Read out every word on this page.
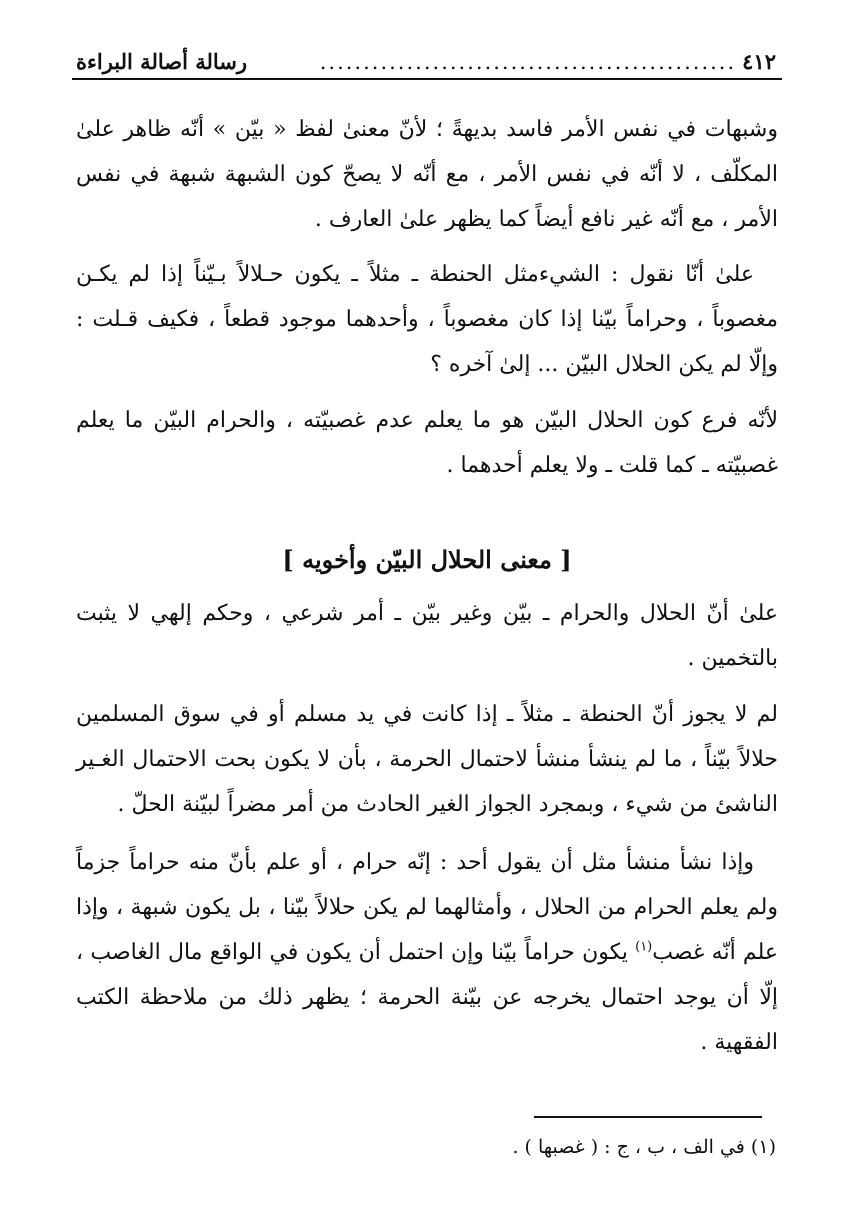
٤١٢
................................................
رسالة أصالة البراءة

وشبهات في نفس الأمر فاسد بديهةً ؛ لأنّ معنىٰ لفظ « بيّن » أنّه ظاهر علىٰ المكلّف ، لا أنّه في نفس الأمر ، مع أنّه لا يصحّ كون الشبهة شبهة في نفس الأمر ، مع أنّه غير نافع أيضاً كما يظهر علىٰ العارف .

علىٰ أنّا نقول : الشيءمثل الحنطة ـ مثلاً ـ يكون حـلالاً بـيّناً إذا لم يكـن مغصوباً ، وحراماً بيّنا إذا كان مغصوباً ، وأحدهما موجود قطعاً ، فكيف قـلت : وإلّا لم يكن الحلال البيّن ... إلىٰ آخره ؟

لأنّه فرع كون الحلال البيّن هو ما يعلم عدم غصبيّته ، والحرام البيّن ما يعلم غصبيّته ـ كما قلت ـ ولا يعلم أحدهما .

[ معنى الحلال البيّن وأخويه ]

علىٰ أنّ الحلال والحرام ـ بيّن وغير بيّن ـ أمر شرعي ، وحكم إلهي لا يثبت بالتخمين .

لم لا يجوز أنّ الحنطة ـ مثلاً ـ إذا كانت في يد مسلم أو في سوق المسلمين حلالاً بيّناً ، ما لم ينشأ منشأ لاحتمال الحرمة ، بأن لا يكون بحت الاحتمال الغـير الناشئ من شيء ، وبمجرد الجواز الغير الحادث من أمر مضراً لبيّنة الحلّ .

وإذا نشأ منشأ مثل أن يقول أحد : إنّه حرام ، أو علم بأنّ منه حراماً جزماً ولم يعلم الحرام من الحلال ، وأمثالهما لم يكن حلالاً بيّنا ، بل يكون شبهة ، وإذا علم أنّه غصب$^{(١)}$ يكون حراماً بيّنا وإن احتمل أن يكون في الواقع مال الغاصب ، إلّا أن يوجد احتمال يخرجه عن بيّنة الحرمة ؛ يظهر ذلك من ملاحظة الكتب الفقهية .

(١) في الف ، ب ، ج : ( غصبها ) .
